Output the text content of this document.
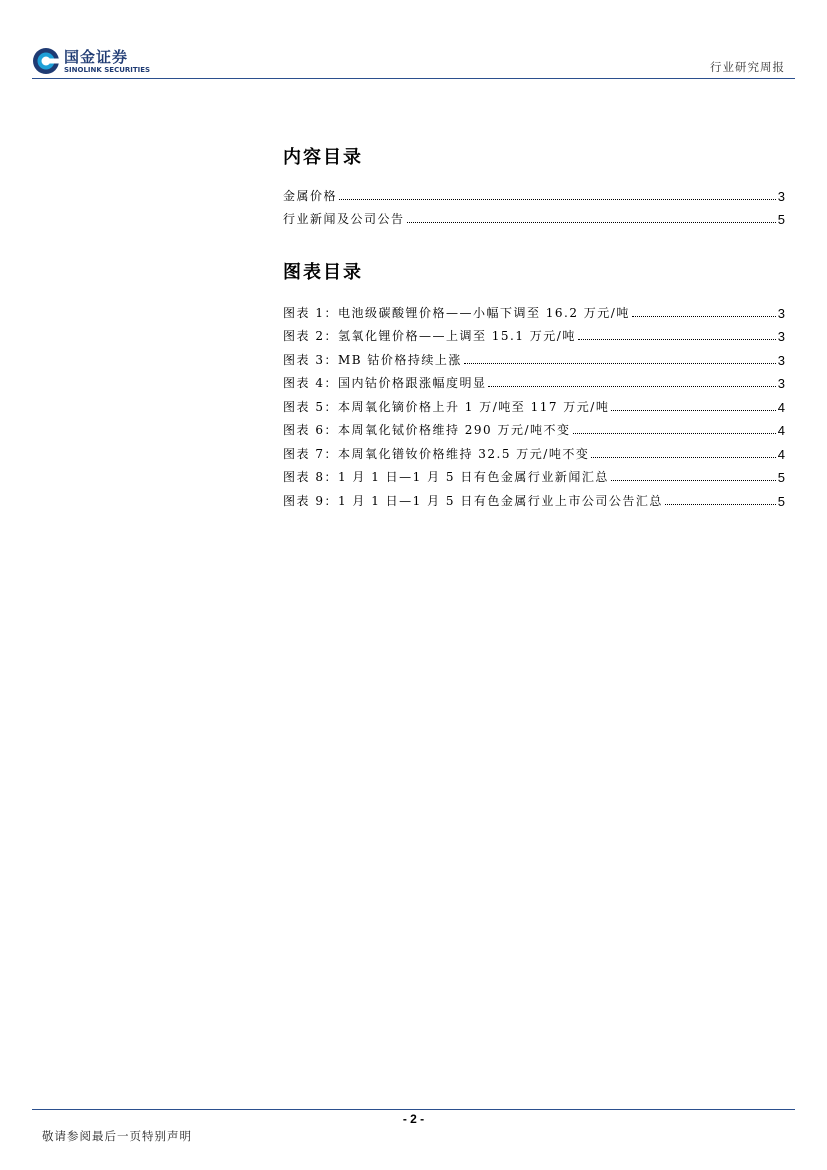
国金证券
SINOLINK SECURITIES	行业研究周报
内容目录
金属价格	3
行业新闻及公司公告	5
图表目录
图表 1：电池级碳酸锂价格——小幅下调至 16.2 万元/吨	3
图表 2：氢氧化锂价格——上调至 15.1 万元/吨	3
图表 3：MB 钴价格持续上涨	3
图表 4：国内钴价格跟涨幅度明显	3
图表 5：本周氧化镝价格上升 1 万/吨至 117 万元/吨	4
图表 6：本周氧化铽价格维持 290 万元/吨不变	4
图表 7：本周氧化镨钕价格维持 32.5 万元/吨不变	4
图表 8：1 月 1 日—1 月 5 日有色金属行业新闻汇总	5
图表 9：1 月 1 日—1 月 5 日有色金属行业上市公司公告汇总	5
- 2 -
敬请参阅最后一页特别声明
